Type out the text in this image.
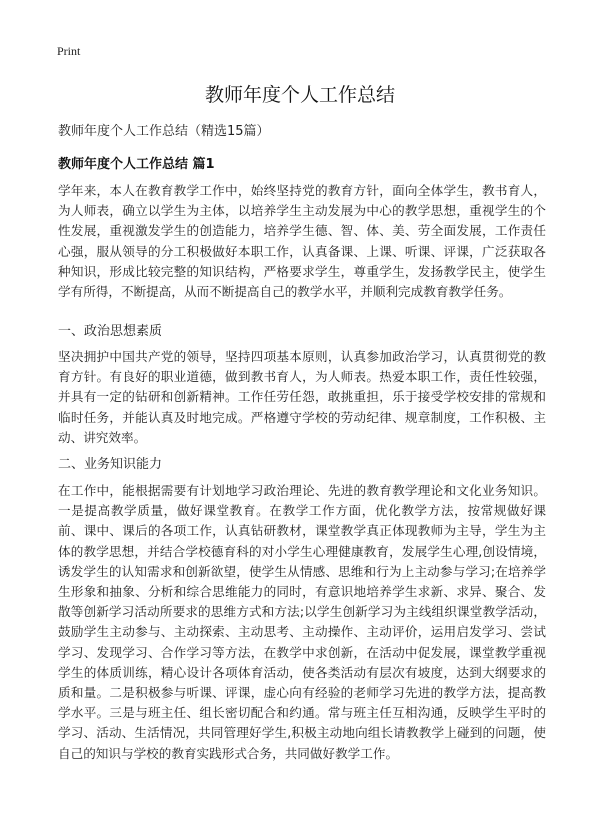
Print
教师年度个人工作总结
教师年度个人工作总结（精选15篇）
教师年度个人工作总结 篇1

学年来，本人在教育教学工作中，始终坚持党的教育方针，面向全体学生，教书育人，为人师表，确立以学生为主体，以培养学生主动发展为中心的教学思想，重视学生的个性发展，重视激发学生的创造能力，培养学生德、智、体、美、劳全面发展，工作责任心强，服从领导的分工积极做好本职工作，认真备课、上课、听课、评课，广泛获取各种知识，形成比较完整的知识结构，严格要求学生，尊重学生，发扬教学民主，使学生学有所得，不断提高，从而不断提高自己的教学水平，并顺利完成教育教学任务。

一、政治思想素质

坚决拥护中国共产党的领导，坚持四项基本原则，认真参加政治学习，认真贯彻党的教育方针。有良好的职业道德，做到教书育人，为人师表。热爱本职工作，责任性较强，并具有一定的钻研和创新精神。工作任劳任怨，敢挑重担，乐于接受学校安排的常规和临时任务，并能认真及时地完成。严格遵守学校的劳动纪律、规章制度，工作积极、主动、讲究效率。

二、业务知识能力

在工作中，能根据需要有计划地学习政治理论、先进的教育教学理论和文化业务知识。一是提高教学质量，做好课堂教育。在教学工作方面，优化教学方法，按常规做好课前、课中、课后的各项工作，认真钻研教材，课堂教学真正体现教师为主导，学生为主体的教学思想，并结合学校德育科的对小学生心理健康教育，发展学生心理,创设情境，诱发学生的认知需求和创新欲望，使学生从情感、思维和行为上主动参与学习;在培养学生形象和抽象、分析和综合思维能力的同时，有意识地培养学生求新、求异、聚合、发散等创新学习活动所要求的思维方式和方法;以学生创新学习为主线组织课堂教学活动，鼓励学生主动参与、主动探索、主动思考、主动操作、主动评价，运用启发学习、尝试学习、发现学习、合作学习等方法，在教学中求创新，在活动中促发展，课堂教学重视学生的体质训练，精心设计各项体育活动，使各类活动有层次有坡度，达到大纲要求的质和量。二是积极参与听课、评课，虚心向有经验的老师学习先进的教学方法，提高教学水平。三是与班主任、组长密切配合和约通。常与班主任互相沟通，反映学生平时的学习、活动、生活情况，共同管理好学生,积极主动地向组长请教教学上碰到的问题，使自己的知识与学校的教育实践形式合务，共同做好教学工作。
